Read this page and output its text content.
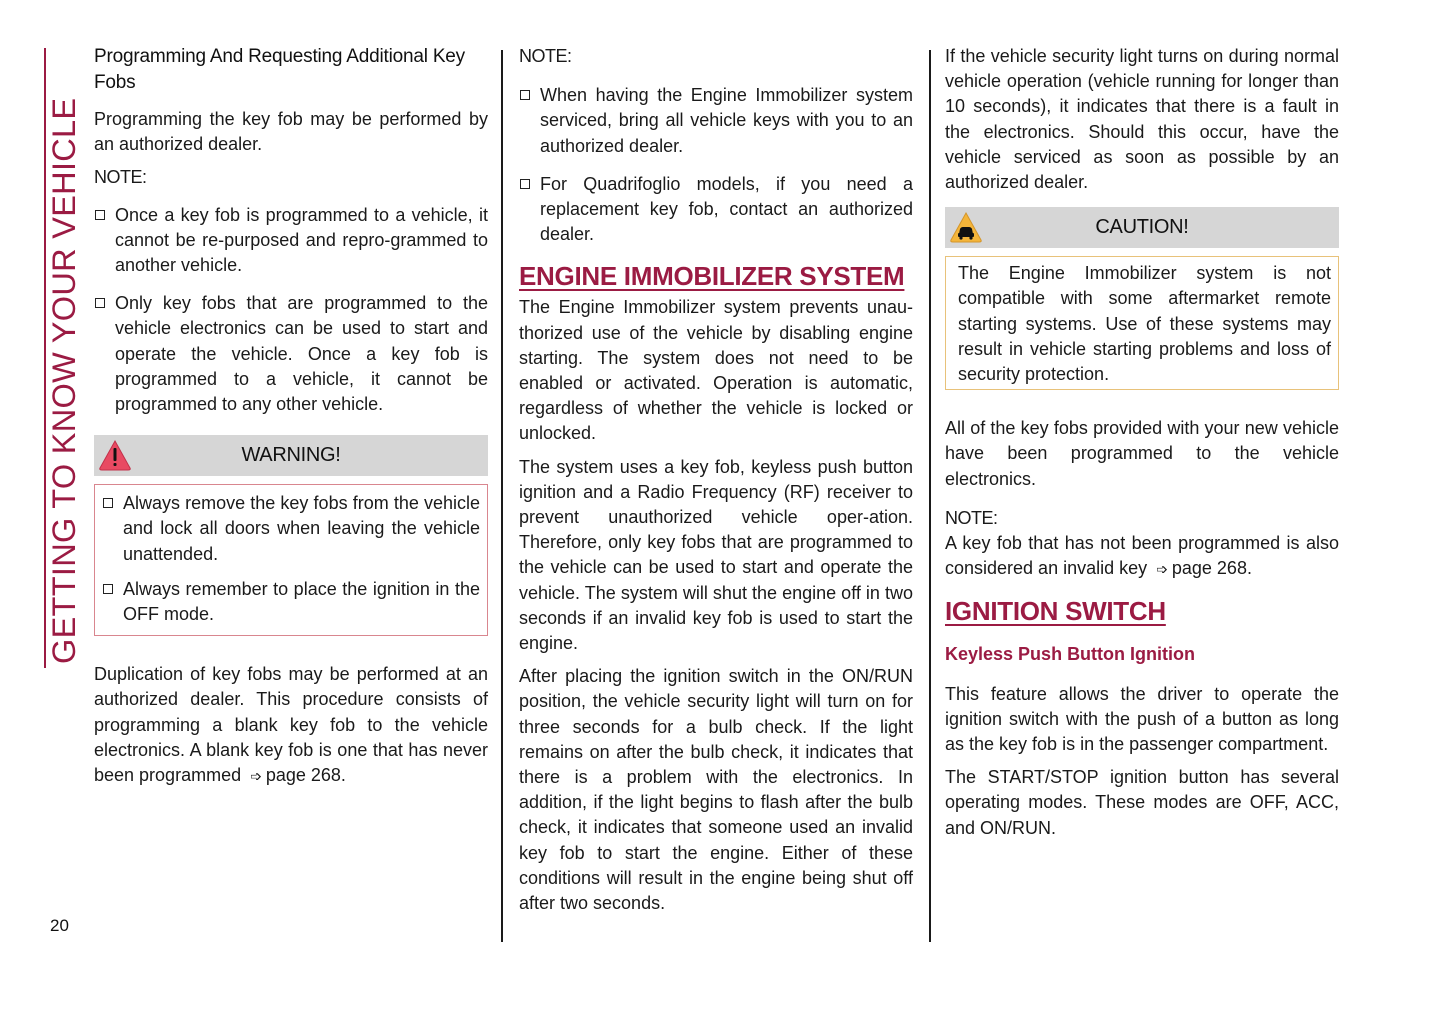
GETTING TO KNOW YOUR VEHICLE
20
Programming And Requesting Additional Key Fobs

Programming the key fob may be performed by an authorized dealer.

NOTE:
Once a key fob is programmed to a vehicle, it cannot be re-purposed and repro-grammed to another vehicle.
Only key fobs that are programmed to the vehicle electronics can be used to start and operate the vehicle. Once a key fob is programmed to a vehicle, it cannot be programmed to any other vehicle.
WARNING!
Always remove the key fobs from the vehicle and lock all doors when leaving the vehicle unattended.
Always remember to place the ignition in the OFF mode.

Duplication of key fobs may be performed at an authorized dealer. This procedure consists of programming a blank key fob to the vehicle electronics. A blank key fob is one that has never been programmed ➩ page 268.

NOTE:
When having the Engine Immobilizer system serviced, bring all vehicle keys with you to an authorized dealer.
For Quadrifoglio models, if you need a replacement key fob, contact an authorized dealer.
ENGINE IMMOBILIZER SYSTEM

The Engine Immobilizer system prevents unau-thorized use of the vehicle by disabling engine starting. The system does not need to be enabled or activated. Operation is automatic, regardless of whether the vehicle is locked or unlocked.

The system uses a key fob, keyless push button ignition and a Radio Frequency (RF) receiver to prevent unauthorized vehicle oper-ation. Therefore, only key fobs that are programmed to the vehicle can be used to start and operate the vehicle. The system will shut the engine off in two seconds if an invalid key fob is used to start the engine.

After placing the ignition switch in the ON/RUN position, the vehicle security light will turn on for three seconds for a bulb check. If the light remains on after the bulb check, it indicates that there is a problem with the electronics. In addition, if the light begins to flash after the bulb check, it indicates that someone used an invalid key fob to start the engine. Either of these conditions will result in the engine being shut off after two seconds.

If the vehicle security light turns on during normal vehicle operation (vehicle running for longer than 10 seconds), it indicates that there is a fault in the electronics. Should this occur, have the vehicle serviced as soon as possible by an authorized dealer.

CAUTION!

The Engine Immobilizer system is not compatible with some aftermarket remote starting systems. Use of these systems may result in vehicle starting problems and loss of security protection.

All of the key fobs provided with your new vehicle have been programmed to the vehicle electronics.

NOTE:

A key fob that has not been programmed is also considered an invalid key ➩ page 268.

IGNITION SWITCH
Keyless Push Button Ignition

This feature allows the driver to operate the ignition switch with the push of a button as long as the key fob is in the passenger compartment.

The START/STOP ignition button has several operating modes. These modes are OFF, ACC, and ON/RUN.
